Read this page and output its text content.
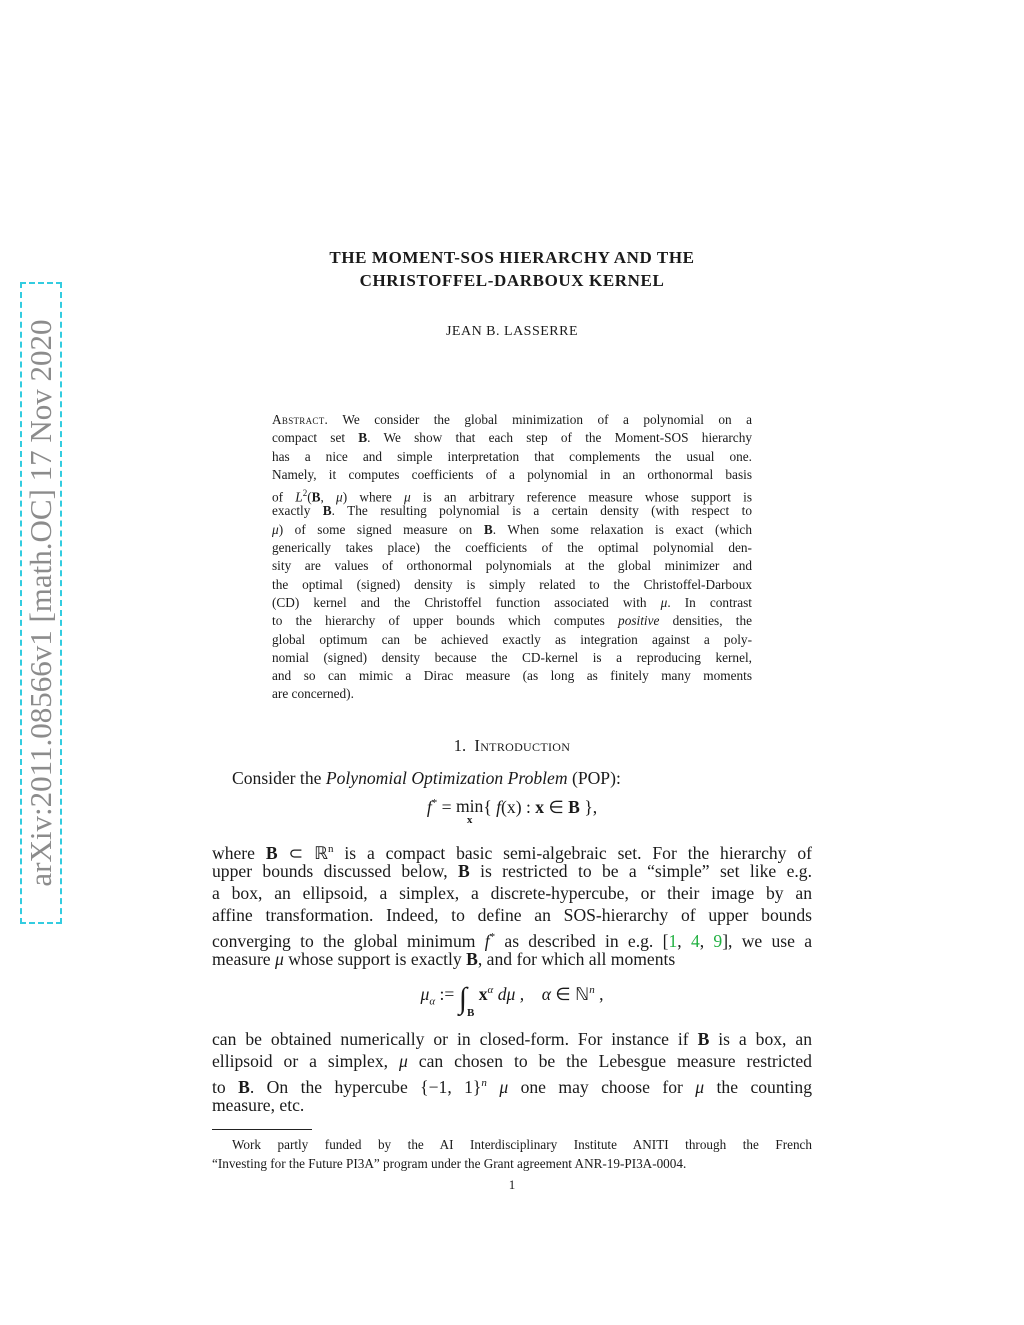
arXiv:2011.08566v1 [math.OC] 17 Nov 2020
THE MOMENT-SOS HIERARCHY AND THE
CHRISTOFFEL-DARBOUX KERNEL
JEAN B. LASSERRE
Abstract. We consider the global minimization of a polynomial on a
compact set B. We show that each step of the Moment-SOS hierarchy
has a nice and simple interpretation that complements the usual one.
Namely, it computes coefficients of a polynomial in an orthonormal basis
of $L^2(B$, μ) where μ is an arbitrary reference measure whose support is
exactly B. The resulting polynomial is a certain density (with respect to
μ) of some signed measure on B. When some relaxation is exact (which
generically takes place) the coefficients of the optimal polynomial den-
sity are values of orthonormal polynomials at the global minimizer and
the optimal (signed) density is simply related to the Christoffel-Darboux
(CD) kernel and the Christoffel function associated with μ. In contrast
to the hierarchy of upper bounds which computes positive densities, the
global optimum can be achieved exactly as integration against a poly-
nomial (signed) density because the CD-kernel is a reproducing kernel,
and so can mimic a Dirac measure (as long as finitely many moments
are concerned).
1. Introduction
Consider the Polynomial Optimization Problem (POP):
f* = min

x
{ f(x) : x ∈ B },
where B ⊂ ℝ$^n$ is a compact basic semi-algebraic set. For the hierarchy of
upper bounds discussed below, B is restricted to be a “simple” set like e.g.
a box, an ellipsoid, a simplex, a discrete-hypercube, or their image by an
affine transformation. Indeed, to define an SOS-hierarchy of upper bounds
converging to the global minimum f* as described in e.g. [1, 4, 9], we use a
measure μ whose support is exactly B, and for which all moments
$\mu_\alpha$ := $\int_B$ $x^\alpha$ dμ , α ∈ ℕ$^n$ ,
can be obtained numerically or in closed-form. For instance if B is a box, an
ellipsoid or a simplex, μ can chosen to be the Lebesgue measure restricted
to B. On the hypercube {−1, 1}$^n$ μ one may choose for μ the counting
measure, etc.
Work partly funded by the AI Interdisciplinary Institute ANITI through the French
“Investing for the Future PI3A” program under the Grant agreement ANR-19-PI3A-0004.
1
